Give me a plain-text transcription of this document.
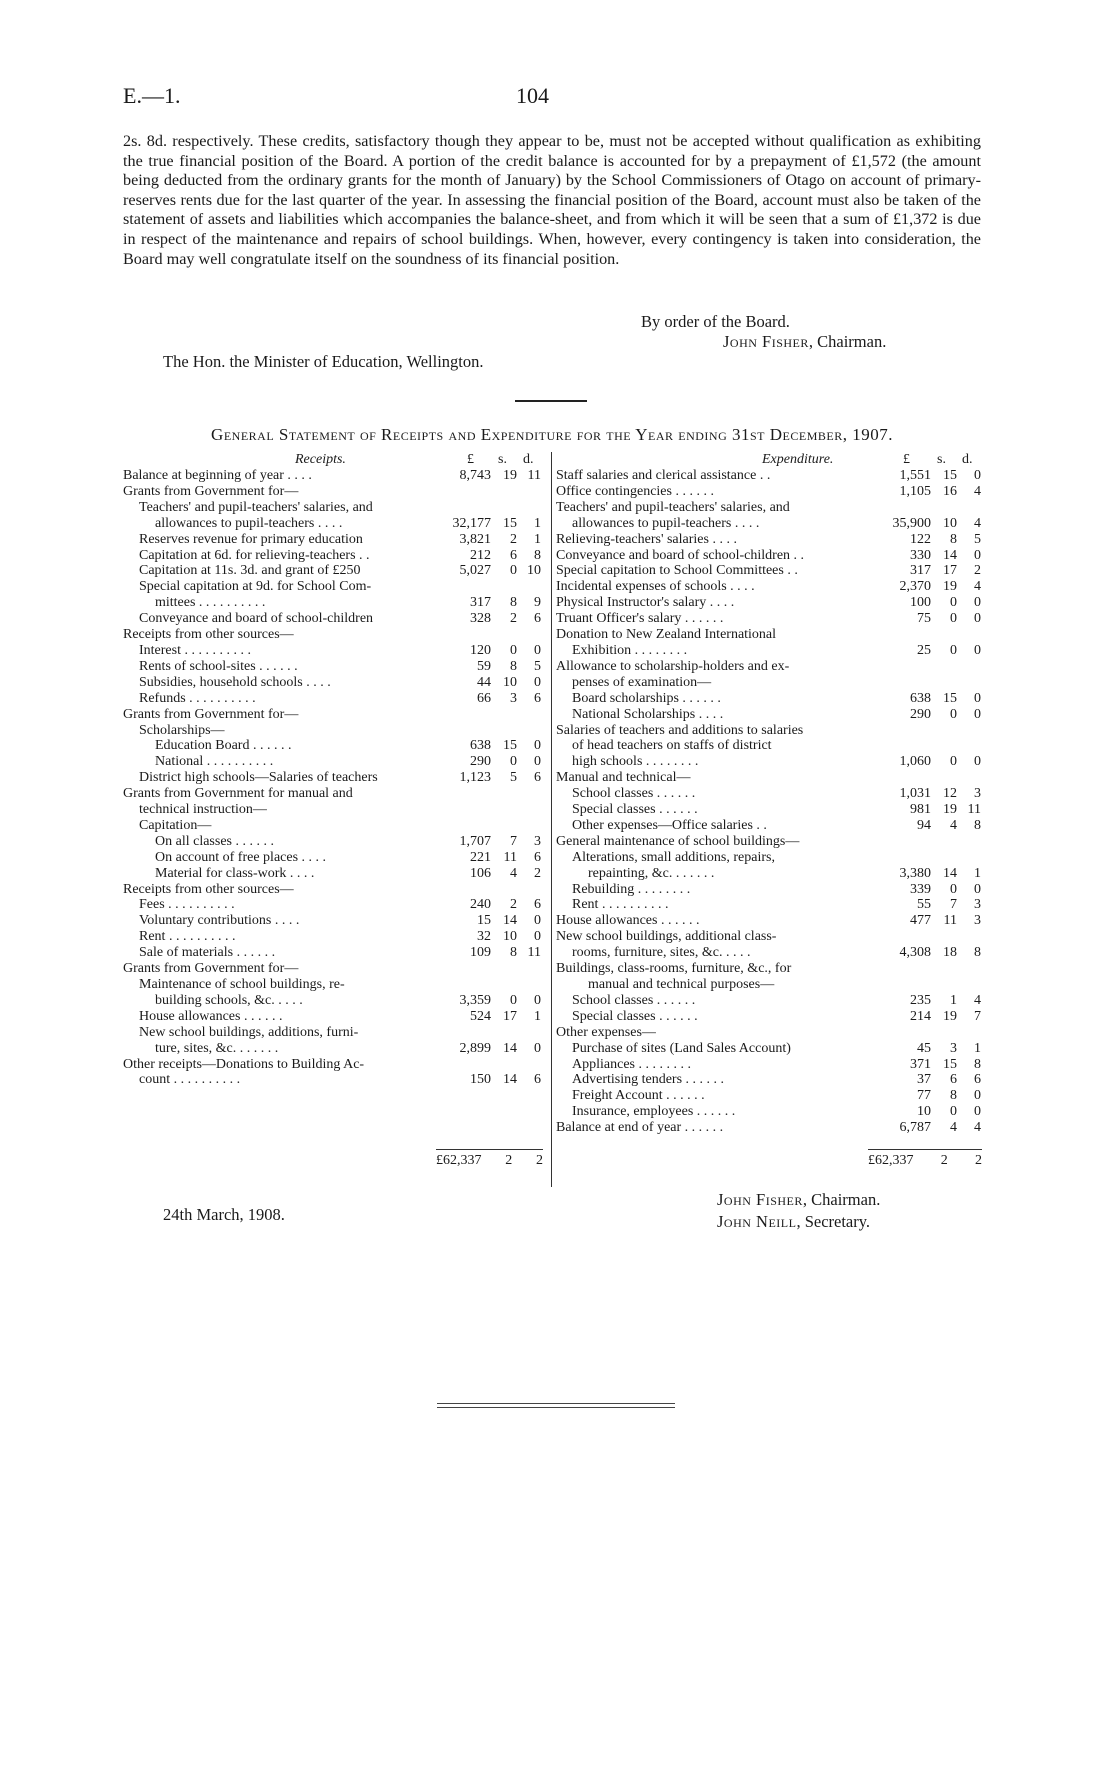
E.—1.	104

2s. 8d. respectively. These credits, satisfactory though they appear to be, must not be accepted without qualification as exhibiting the true financial position of the Board. A portion of the credit balance is accounted for by a prepayment of £1,572 (the amount being deducted from the ordinary grants for the month of January) by the School Commissioners of Otago on account of primary-reserves rents due for the last quarter of the year. In assessing the financial position of the Board, account must also be taken of the statement of assets and liabilities which accompanies the balance-sheet, and from which it will be seen that a sum of £1,372 is due in respect of the maintenance and repairs of school buildings. When, however, every contingency is taken into consideration, the Board may well congratulate itself on the soundness of its financial position.

By order of the Board.
John Fisher, Chairman.
The Hon. the Minister of Education, Wellington.
General Statement of Receipts and Expenditure for the Year ending 31st December, 1907.
Receipts.	Expenditure.
£ s. d.	£ s. d.
Balance at beginning of year . . . .	8,743	19	11
Grants from Government for—			
Teachers' and pupil-teachers' salaries, and			
allowances to pupil-teachers . . . .	32,177	15	1
Reserves revenue for primary education	3,821	2	1
Capitation at 6d. for relieving-teachers . .	212	6	8
Capitation at 11s. 3d. and grant of £250	5,027	0	10
Special capitation at 9d. for School Com-			
mittees . . . . . . . . . .	317	8	9
Conveyance and board of school-children	328	2	6
Receipts from other sources—			
Interest . . . . . . . . . .	120	0	0
Rents of school-sites . . . . . .	59	8	5
Subsidies, household schools . . . .	44	10	0
Refunds . . . . . . . . . .	66	3	6
Grants from Government for—			
Scholarships—			
Education Board . . . . . .	638	15	0
National . . . . . . . . . .	290	0	0
District high schools—Salaries of teachers	1,123	5	6
Grants from Government for manual and			
technical instruction—			
Capitation—			
On all classes . . . . . .	1,707	7	3
On account of free places . . . .	221	11	6
Material for class-work . . . .	106	4	2
Receipts from other sources—			
Fees . . . . . . . . . .	240	2	6
Voluntary contributions . . . .	15	14	0
Rent . . . . . . . . . .	32	10	0
Sale of materials . . . . . .	109	8	11
Grants from Government for—			
Maintenance of school buildings, re-			
building schools, &c. . . . .	3,359	0	0
House allowances . . . . . .	524	17	1
New school buildings, additions, furni-			
ture, sites, &c. . . . . . .	2,899	14	0
Other receipts—Donations to Building Ac-			
count . . . . . . . . . .	150	14	6
Staff salaries and clerical assistance . .	1,551	15	0
Office contingencies . . . . . .	1,105	16	4
Teachers' and pupil-teachers' salaries, and			
allowances to pupil-teachers . . . .	35,900	10	4
Relieving-teachers' salaries . . . .	122	8	5
Conveyance and board of school-children . .	330	14	0
Special capitation to School Committees . .	317	17	2
Incidental expenses of schools . . . .	2,370	19	4
Physical Instructor's salary . . . .	100	0	0
Truant Officer's salary . . . . . .	75	0	0
Donation to New Zealand International			
Exhibition . . . . . . . .	25	0	0
Allowance to scholarship-holders and ex-			
penses of examination—			
Board scholarships . . . . . .	638	15	0
National Scholarships . . . .	290	0	0
Salaries of teachers and additions to salaries			
of head teachers on staffs of district			
high schools . . . . . . . .	1,060	0	0
Manual and technical—			
School classes . . . . . .	1,031	12	3
Special classes . . . . . .	981	19	11
Other expenses—Office salaries . .	94	4	8
General maintenance of school buildings—			
Alterations, small additions, repairs,			
repainting, &c. . . . . . .	3,380	14	1
Rebuilding . . . . . . . .	339	0	0
Rent . . . . . . . . . .	55	7	3
House allowances . . . . . .	477	11	3
New school buildings, additional class-			
rooms, furniture, sites, &c. . . . .	4,308	18	8
Buildings, class-rooms, furniture, &c., for			
manual and technical purposes—			
School classes . . . . . .	235	1	4
Special classes . . . . . .	214	19	7
Other expenses—			
Purchase of sites (Land Sales Account)	45	3	1
Appliances . . . . . . . .	371	15	8
Advertising tenders . . . . . .	37	6	6
Freight Account . . . . . .	77	8	0
Insurance, employees . . . . . .	10	0	0
Balance at end of year . . . . . .	6,787	4	4
£62,337 2 2	£62,337 2 2
24th March, 1908.
John Fisher, Chairman.
John Neill, Secretary.
